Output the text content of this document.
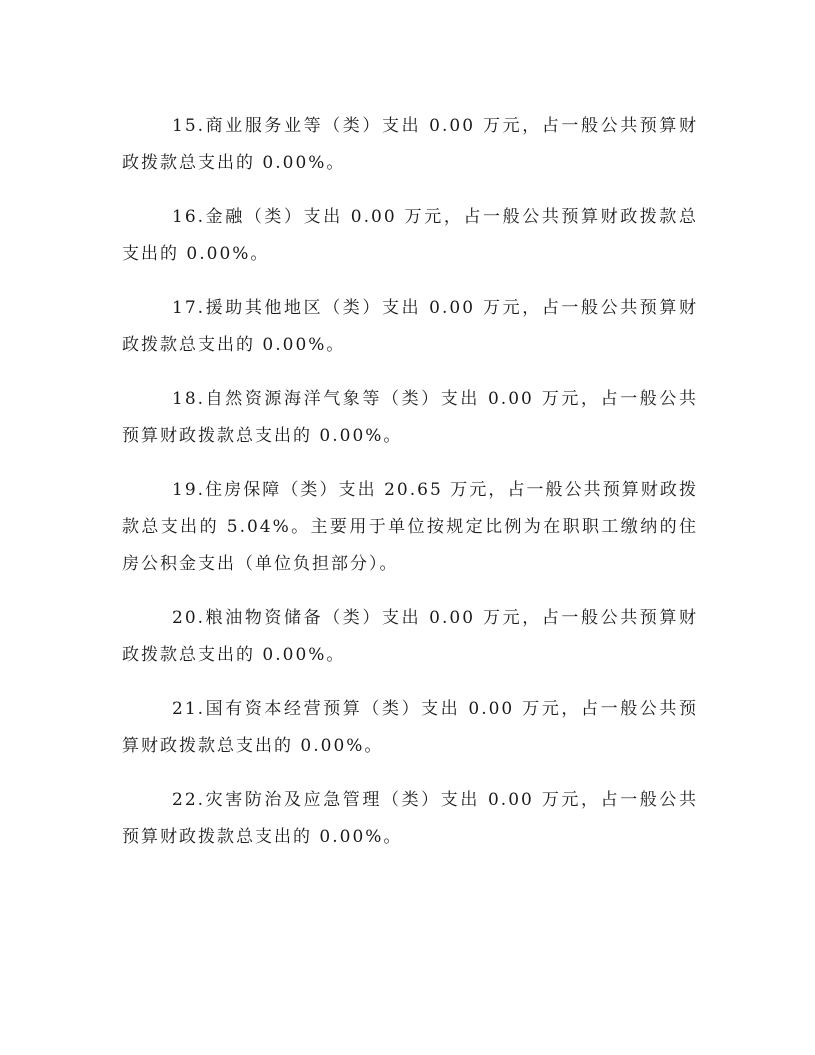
15.商业服务业等（类）支出 0.00 万元，占一般公共预算财政拨款总支出的 0.00%。

16.金融（类）支出 0.00 万元，占一般公共预算财政拨款总支出的 0.00%。

17.援助其他地区（类）支出 0.00 万元，占一般公共预算财政拨款总支出的 0.00%。

18.自然资源海洋气象等（类）支出 0.00 万元，占一般公共预算财政拨款总支出的 0.00%。

19.住房保障（类）支出 20.65 万元，占一般公共预算财政拨款总支出的 5.04%。主要用于单位按规定比例为在职职工缴纳的住房公积金支出（单位负担部分）。

20.粮油物资储备（类）支出 0.00 万元，占一般公共预算财政拨款总支出的 0.00%。

21.国有资本经营预算（类）支出 0.00 万元，占一般公共预算财政拨款总支出的 0.00%。

22.灾害防治及应急管理（类）支出 0.00 万元，占一般公共预算财政拨款总支出的 0.00%。
